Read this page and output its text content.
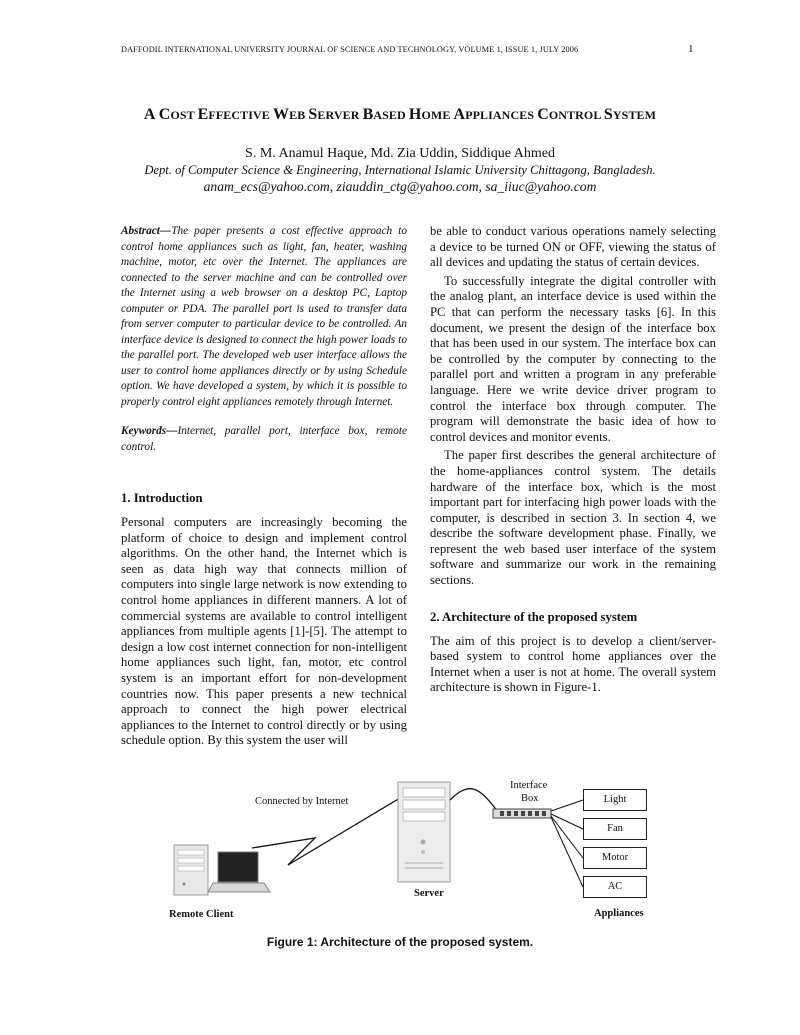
DAFFODIL INTERNATIONAL UNIVERSITY JOURNAL OF SCIENCE AND TECHNOLOGY, VOLUME 1, ISSUE 1, JULY 2006	1
A COST EFFECTIVE WEB SERVER BASED HOME APPLIANCES CONTROL SYSTEM
S. M. Anamul Haque, Md. Zia Uddin, Siddique Ahmed
Dept. of Computer Science & Engineering, International Islamic University Chittagong, Bangladesh.
anam_ecs@yahoo.com, ziauddin_ctg@yahoo.com, sa_iiuc@yahoo.com

Abstract—The paper presents a cost effective approach to control home appliances such as light, fan, heater, washing machine, motor, etc over the Internet. The appliances are connected to the server machine and can be controlled over the Internet using a web browser on a desktop PC, Laptop computer or PDA. The parallel port is used to transfer data from server computer to particular device to be controlled. An interface device is designed to connect the high power loads to the parallel port. The developed web user interface allows the user to control home appliances directly or by using Schedule option. We have developed a system, by which it is possible to properly control eight appliances remotely through Internet.

Keywords—Internet, parallel port, interface box, remote control.

1. Introduction

Personal computers are increasingly becoming the platform of choice to design and implement control algorithms. On the other hand, the Internet which is seen as data high way that connects million of computers into single large network is now extending to control home appliances in different manners. A lot of commercial systems are available to control intelligent appliances from multiple agents [1]-[5]. The attempt to design a low cost internet connection for non-intelligent home appliances such light, fan, motor, etc control system is an important effort for non-development countries now. This paper presents a new technical approach to connect the high power electrical appliances to the Internet to control directly or by using schedule option. By this system the user will

be able to conduct various operations namely selecting a device to be turned ON or OFF, viewing the status of all devices and updating the status of certain devices.

To successfully integrate the digital controller with the analog plant, an interface device is used within the PC that can perform the necessary tasks [6]. In this document, we present the design of the interface box that has been used in our system. The interface box can be controlled by the computer by connecting to the parallel port and written a program in any preferable language. Here we write device driver program to control the interface box through computer. The program will demonstrate the basic idea of how to control devices and monitor events.

The paper first describes the general architecture of the home-appliances control system. The details hardware of the interface box, which is the most important part for interfacing high power loads with the computer, is described in section 3. In section 4, we describe the software development phase. Finally, we represent the web based user interface of the system software and summarize our work in the remaining sections.

2. Architecture of the proposed system

The aim of this project is to develop a client/server-based system to control home appliances over the Internet when a user is not at home. The overall system architecture is shown in Figure-1.

Connected by Internet
Interface
Box
Server
Remote Client	Appliances
Light
Fan
Motor
AC
Figure 1: Architecture of the proposed system.
